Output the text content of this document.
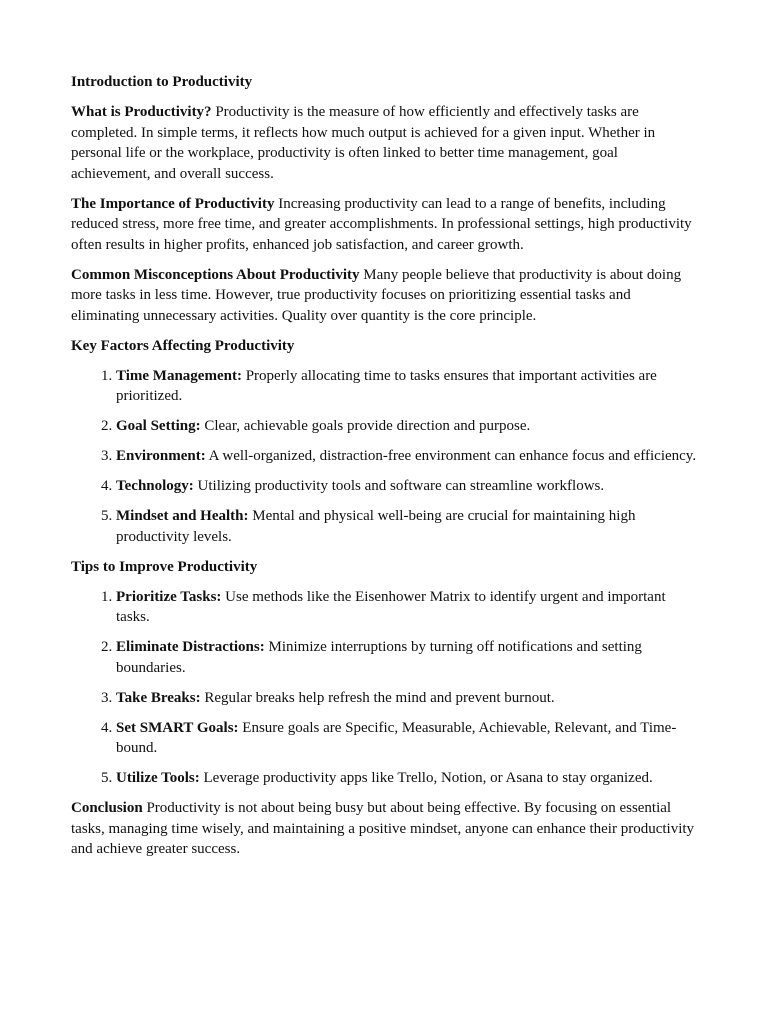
Introduction to Productivity

What is Productivity? Productivity is the measure of how efficiently and effectively tasks are completed. In simple terms, it reflects how much output is achieved for a given input. Whether in personal life or the workplace, productivity is often linked to better time management, goal achievement, and overall success.

The Importance of Productivity Increasing productivity can lead to a range of benefits, including reduced stress, more free time, and greater accomplishments. In professional settings, high productivity often results in higher profits, enhanced job satisfaction, and career growth.

Common Misconceptions About Productivity Many people believe that productivity is about doing more tasks in less time. However, true productivity focuses on prioritizing essential tasks and eliminating unnecessary activities. Quality over quantity is the core principle.

Key Factors Affecting Productivity

1. Time Management: Properly allocating time to tasks ensures that important activities are prioritized.
2. Goal Setting: Clear, achievable goals provide direction and purpose.
3. Environment: A well-organized, distraction-free environment can enhance focus and efficiency.
4. Technology: Utilizing productivity tools and software can streamline workflows.
5. Mindset and Health: Mental and physical well-being are crucial for maintaining high productivity levels.

Tips to Improve Productivity

1. Prioritize Tasks: Use methods like the Eisenhower Matrix to identify urgent and important tasks.
2. Eliminate Distractions: Minimize interruptions by turning off notifications and setting boundaries.
3. Take Breaks: Regular breaks help refresh the mind and prevent burnout.
4. Set SMART Goals: Ensure goals are Specific, Measurable, Achievable, Relevant, and Time-bound.
5. Utilize Tools: Leverage productivity apps like Trello, Notion, or Asana to stay organized.

Conclusion Productivity is not about being busy but about being effective. By focusing on essential tasks, managing time wisely, and maintaining a positive mindset, anyone can enhance their productivity and achieve greater success.
